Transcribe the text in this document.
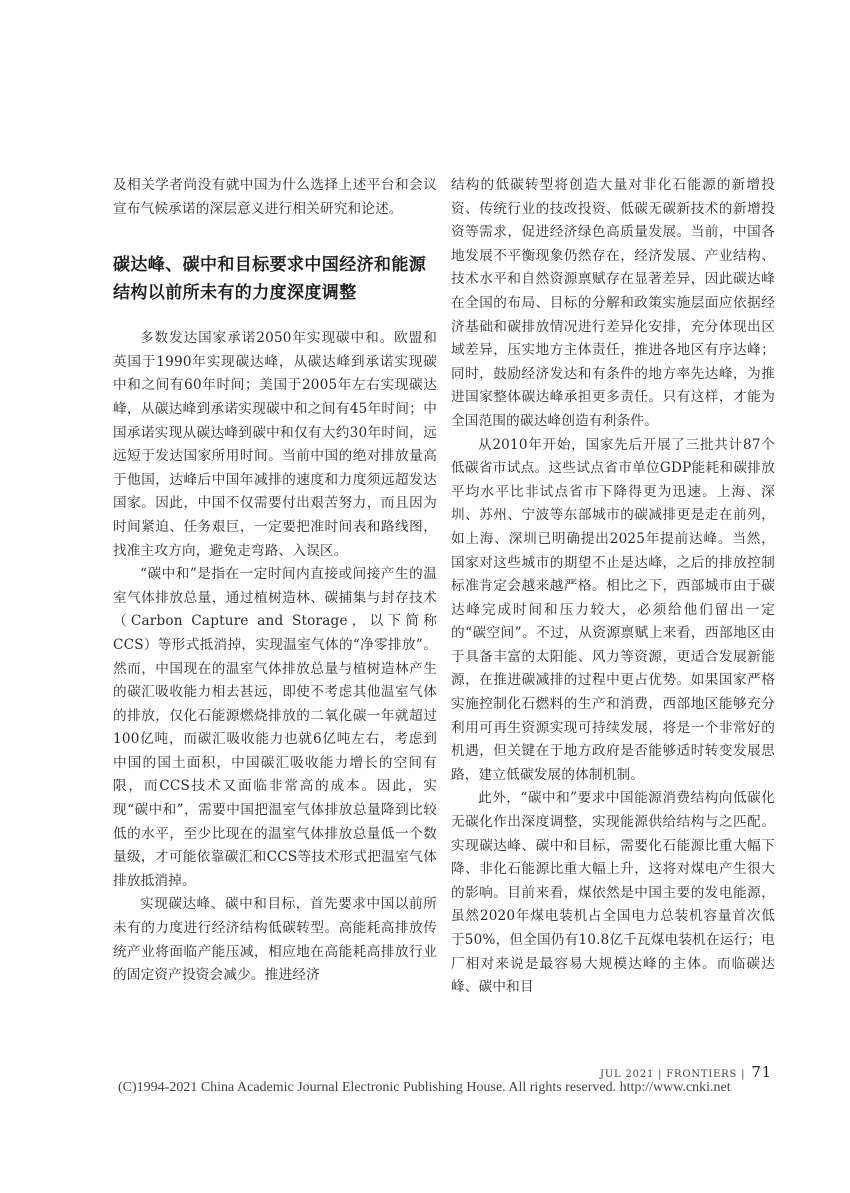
及相关学者尚没有就中国为什么选择上述平台和会议宣布气候承诺的深层意义进行相关研究和论述。

碳达峰、碳中和目标要求中国经济和能源结构以前所未有的力度深度调整

多数发达国家承诺2050年实现碳中和。欧盟和英国于1990年实现碳达峰，从碳达峰到承诺实现碳中和之间有60年时间；美国于2005年左右实现碳达峰，从碳达峰到承诺实现碳中和之间有45年时间；中国承诺实现从碳达峰到碳中和仅有大约30年时间，远远短于发达国家所用时间。当前中国的绝对排放量高于他国，达峰后中国年减排的速度和力度须远超发达国家。因此，中国不仅需要付出艰苦努力，而且因为时间紧迫、任务艰巨，一定要把准时间表和路线图，找准主攻方向，避免走弯路、入误区。

“碳中和”是指在一定时间内直接或间接产生的温室气体排放总量，通过植树造林、碳捕集与封存技术（Carbon Capture and Storage，以下简称CCS）等形式抵消掉，实现温室气体的“净零排放”。然而，中国现在的温室气体排放总量与植树造林产生的碳汇吸收能力相去甚远，即使不考虑其他温室气体的排放，仅化石能源燃烧排放的二氧化碳一年就超过100亿吨，而碳汇吸收能力也就6亿吨左右，考虑到中国的国土面积，中国碳汇吸收能力增长的空间有限，而CCS技术又面临非常高的成本。因此，实现“碳中和”，需要中国把温室气体排放总量降到比较低的水平，至少比现在的温室气体排放总量低一个数量级，才可能依靠碳汇和CCS等技术形式把温室气体排放抵消掉。

实现碳达峰、碳中和目标，首先要求中国以前所未有的力度进行经济结构低碳转型。高能耗高排放传统产业将面临产能压减，相应地在高能耗高排放行业的固定资产投资会减少。推进经济

结构的低碳转型将创造大量对非化石能源的新增投资、传统行业的技改投资、低碳无碳新技术的新增投资等需求，促进经济绿色高质量发展。当前，中国各地发展不平衡现象仍然存在，经济发展、产业结构、技术水平和自然资源禀赋存在显著差异，因此碳达峰在全国的布局、目标的分解和政策实施层面应依据经济基础和碳排放情况进行差异化安排，充分体现出区域差异，压实地方主体责任，推进各地区有序达峰；同时，鼓励经济发达和有条件的地方率先达峰，为推进国家整体碳达峰承担更多责任。只有这样，才能为全国范围的碳达峰创造有利条件。

从2010年开始，国家先后开展了三批共计87个低碳省市试点。这些试点省市单位GDP能耗和碳排放平均水平比非试点省市下降得更为迅速。上海、深圳、苏州、宁波等东部城市的碳减排更是走在前列，如上海、深圳已明确提出2025年提前达峰。当然，国家对这些城市的期望不止是达峰，之后的排放控制标准肯定会越来越严格。相比之下，西部城市由于碳达峰完成时间和压力较大，必须给他们留出一定的“碳空间”。不过，从资源禀赋上来看，西部地区由于具备丰富的太阳能、风力等资源，更适合发展新能源，在推进碳减排的过程中更占优势。如果国家严格实施控制化石燃料的生产和消费，西部地区能够充分利用可再生资源实现可持续发展，将是一个非常好的机遇，但关键在于地方政府是否能够适时转变发展思路，建立低碳发展的体制机制。

此外，“碳中和”要求中国能源消费结构向低碳化无碳化作出深度调整，实现能源供给结构与之匹配。实现碳达峰、碳中和目标，需要化石能源比重大幅下降、非化石能源比重大幅上升，这将对煤电产生很大的影响。目前来看，煤依然是中国主要的发电能源，虽然2020年煤电装机占全国电力总装机容量首次低于50%，但全国仍有10.8亿千瓦煤电装机在运行；电厂相对来说是最容易大规模达峰的主体。而临碳达峰、碳中和目

JUL 2021 | FRONTIERS | 71
(C)1994-2021 China Academic Journal Electronic Publishing House. All rights reserved. http://www.cnki.net
